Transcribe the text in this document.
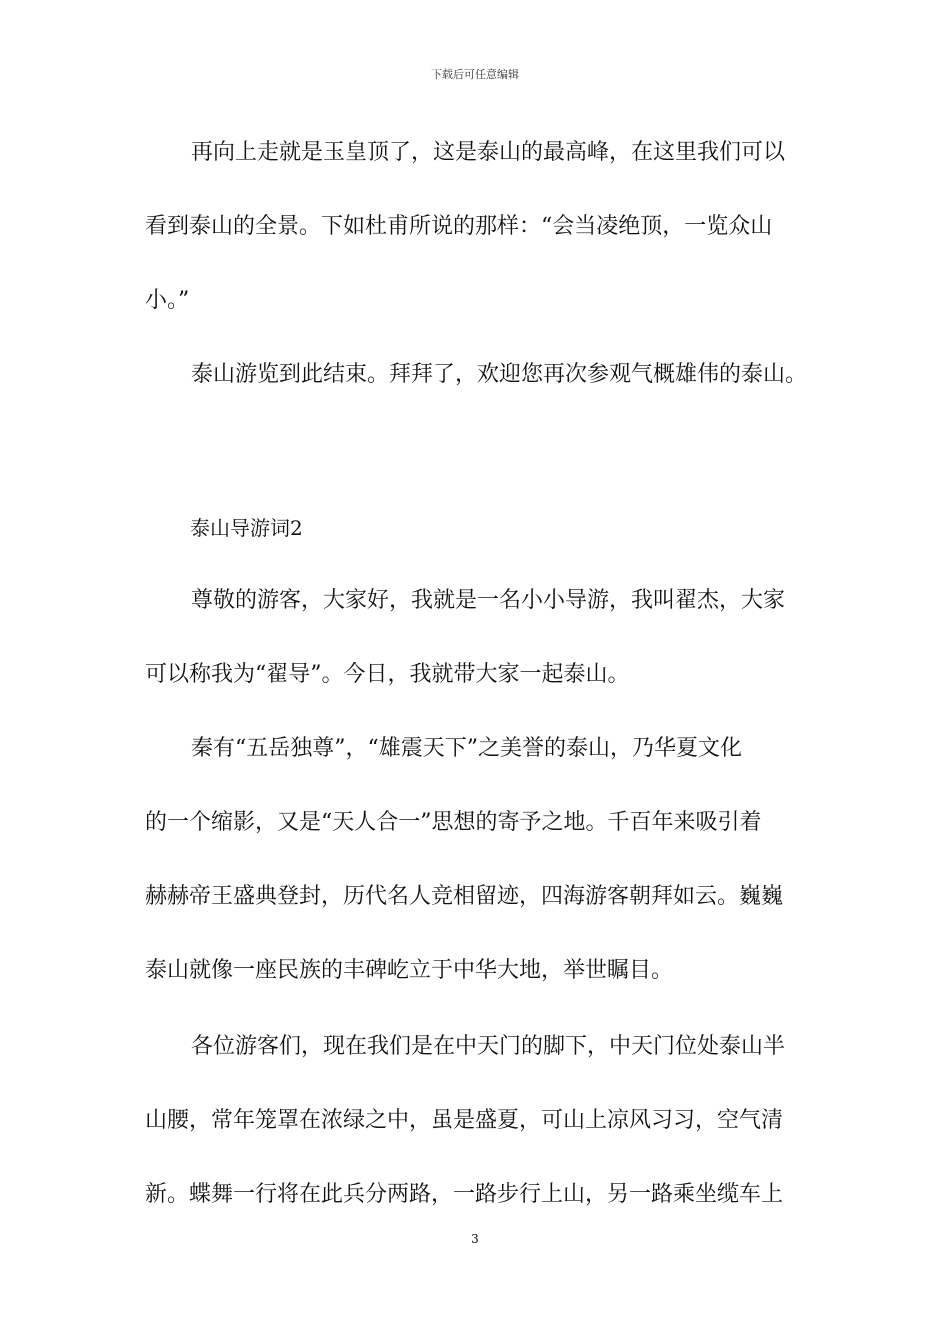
下载后可任意编辑
再向上走就是玉皇顶了，这是泰山的最高峰，在这里我们可以
看到泰山的全景。下如杜甫所说的那样：“会当凌绝顶，一览众山
小。”
泰山游览到此结束。拜拜了，欢迎您再次参观气概雄伟的泰山。
泰山导游词2
尊敬的游客，大家好，我就是一名小小导游，我叫翟杰，大家
可以称我为“翟导”。今日，我就带大家一起泰山。
秦有“五岳独尊”，“雄震天下”之美誉的泰山，乃华夏文化
的一个缩影，又是“天人合一”思想的寄予之地。千百年来吸引着
赫赫帝王盛典登封，历代名人竞相留迹，四海游客朝拜如云。巍巍
泰山就像一座民族的丰碑屹立于中华大地，举世瞩目。
各位游客们，现在我们是在中天门的脚下，中天门位处泰山半
山腰，常年笼罩在浓绿之中，虽是盛夏，可山上凉风习习，空气清
新。蝶舞一行将在此兵分两路，一路步行上山，另一路乘坐缆车上
3
